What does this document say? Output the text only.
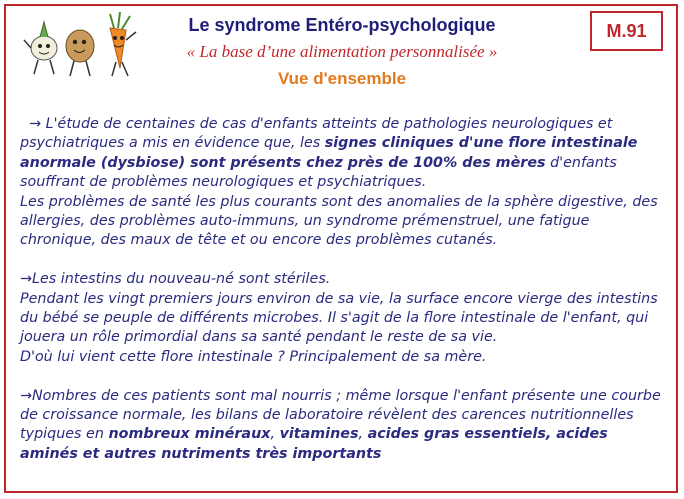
Le syndrome Entéro-psychologique
« La base d’une alimentation personnalisée »
Vue d'ensemble
M.91

→ L'étude de centaines de cas d'enfants atteints de pathologies neurologiques et psychiatriques a mis en évidence que, les signes cliniques d'une flore intestinale anormale (dysbiose) sont présents chez près de 100% des mères d'enfants souffrant de problèmes neurologiques et psychiatriques.

Les problèmes de santé les plus courants sont des anomalies de la sphère digestive, des allergies, des problèmes auto-immuns, un syndrome prémenstruel, une fatigue chronique, des maux de tête et ou encore des problèmes cutanés.

→Les intestins du nouveau-né sont stériles.

Pendant les vingt premiers jours environ de sa vie, la surface encore vierge des intestins du bébé se peuple de différents microbes. Il s'agit de la flore intestinale de l'enfant, qui jouera un rôle primordial dans sa santé pendant le reste de sa vie.

D'où lui vient cette flore intestinale ? Principalement de sa mère.

→Nombres de ces patients sont mal nourris ; même lorsque l'enfant présente une courbe de croissance normale, les bilans de laboratoire révèlent des carences nutritionnelles typiques en nombreux minéraux, vitamines, acides gras essentiels, acides aminés et autres nutriments très importants
